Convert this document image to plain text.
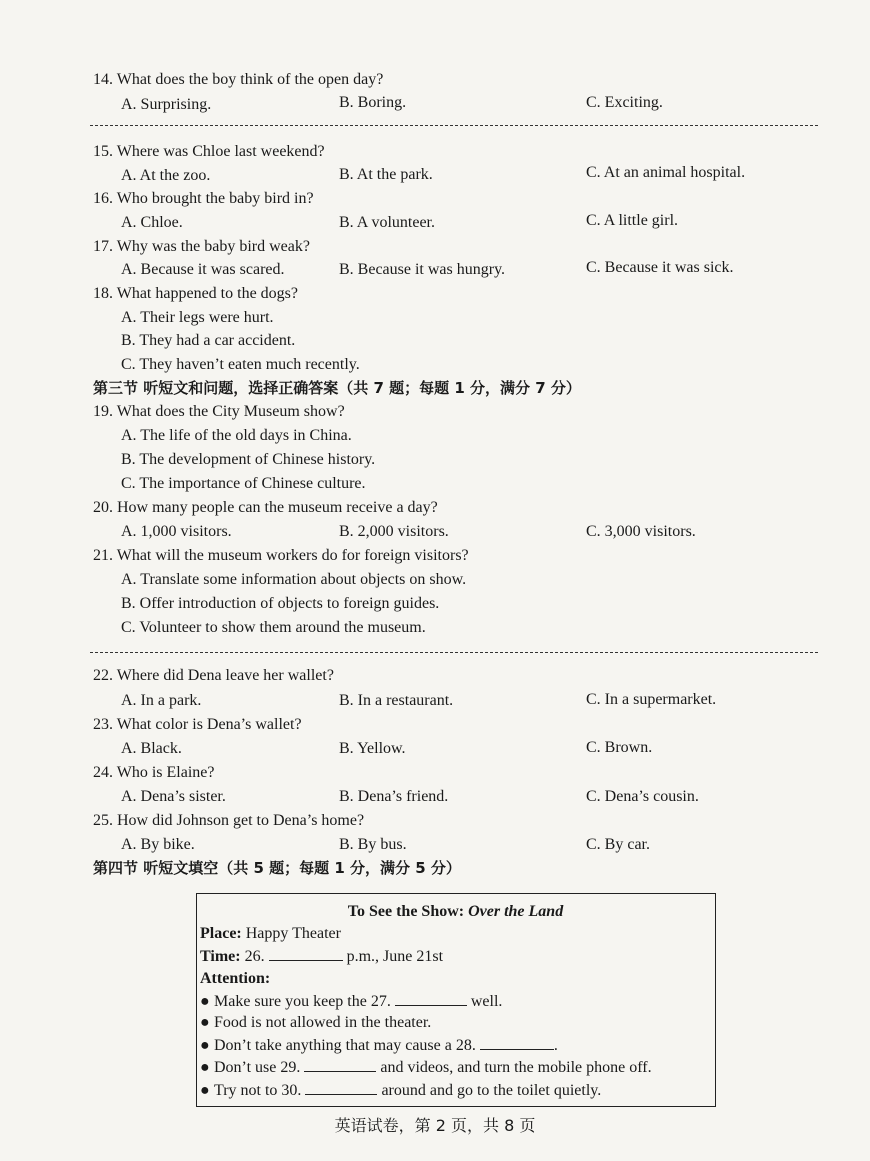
14. What does the boy think of the open day?
A. Surprising.	B. Boring.	C. Exciting.
15. Where was Chloe last weekend?
A. At the zoo.	B. At the park.	C. At an animal hospital.
16. Who brought the baby bird in?
A. Chloe.	B. A volunteer.	C. A little girl.
17. Why was the baby bird weak?
A. Because it was scared.	B. Because it was hungry.	C. Because it was sick.
18. What happened to the dogs?
A. Their legs were hurt.
B. They had a car accident.
C. They haven’t eaten much recently.
第三节 听短文和问题，选择正确答案（共 7 题；每题 1 分，满分 7 分）
19. What does the City Museum show?
A. The life of the old days in China.
B. The development of Chinese history.
C. The importance of Chinese culture.
20. How many people can the museum receive a day?
A. 1,000 visitors.	B. 2,000 visitors.	C. 3,000 visitors.
21. What will the museum workers do for foreign visitors?
A. Translate some information about objects on show.
B. Offer introduction of objects to foreign guides.
C. Volunteer to show them around the museum.
22. Where did Dena leave her wallet?
A. In a park.	B. In a restaurant.	C. In a supermarket.
23. What color is Dena’s wallet?
A. Black.	B. Yellow.	C. Brown.
24. Who is Elaine?
A. Dena’s sister.	B. Dena’s friend.	C. Dena’s cousin.
25. How did Johnson get to Dena’s home?
A. By bike.	B. By bus.	C. By car.
第四节 听短文填空（共 5 题；每题 1 分，满分 5 分）
To See the Show: Over the Land
Place: Happy Theater
Time: 26.	p.m., June 21st
Attention:
● Make sure you keep the 27.	well.
● Food is not allowed in the theater.
● Don’t take anything that may cause a 28.	.
● Don’t use 29.	and videos, and turn the mobile phone off.
● Try not to 30.	around and go to the toilet quietly.
英语试卷，第 2 页，共 8 页
